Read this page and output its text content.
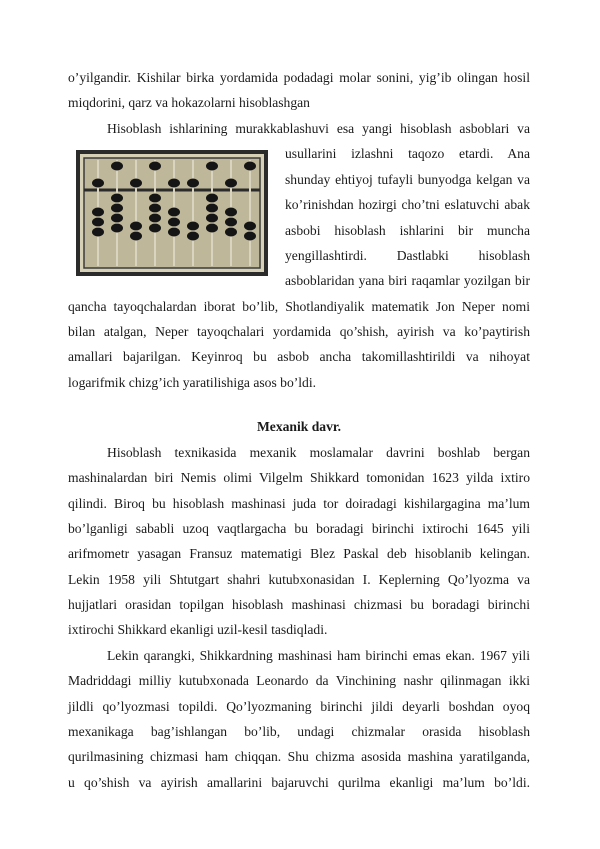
o’yilgandir. Kishilar birka yordamida podadagi molar sonini, yig’ib olingan hosil
miqdorini, qarz va hokazolarni hisoblashgan
Hisoblash ishlarining murakkablashuvi esa yangi hisoblash asboblari va
usullarini izlashni taqozo etardi. Ana
shunday ehtiyoj tufayli bunyodga kelgan va
ko’rinishdan hozirgi cho’tni eslatuvchi abak
asbobi hisoblash ishlarini bir muncha
yengillashtirdi. Dastlabki hisoblash
asboblaridan yana biri raqamlar yozilgan bir
qancha tayoqchalardan iborat bo’lib, Shotlandiyalik matematik Jon Neper nomi
bilan atalgan, Neper tayoqchalari yordamida qo’shish, ayirish va ko’paytirish
amallari bajarilgan. Keyinroq bu asbob ancha takomillashtirildi va nihoyat
logarifmik chizg’ich yaratilishiga asos bo’ldi.
Mexanik davr.
Hisoblash texnikasida mexanik moslamalar davrini boshlab bergan
mashinalardan biri Nemis olimi Vilgelm Shikkard tomonidan 1623 yilda ixtiro
qilindi. Biroq bu hisoblash mashinasi juda tor doiradagi kishilargagina ma’lum
bo’lganligi sababli uzoq vaqtlargacha bu boradagi birinchi ixtirochi 1645 yili
arifmometr yasagan Fransuz matematigi Blez Paskal deb hisoblanib kelingan.
Lekin 1958 yili Shtutgart shahri kutubxonasidan I. Keplerning Qo’lyozma va
hujjatlari orasidan topilgan hisoblash mashinasi chizmasi bu boradagi birinchi
ixtirochi Shikkard ekanligi uzil-kesil tasdiqladi.
Lekin qarangki, Shikkardning mashinasi ham birinchi emas ekan. 1967 yili
Madriddagi milliy kutubxonada Leonardo da Vinchining nashr qilinmagan ikki
jildli qo’lyozmasi topildi. Qo’lyozmaning birinchi jildi deyarli boshdan oyoq
mexanikaga bag’ishlangan bo’lib, undagi chizmalar orasida hisoblash
qurilmasining chizmasi ham chiqqan. Shu chizma asosida mashina yaratilganda,
u qo’shish va ayirish amallarini bajaruvchi qurilma ekanligi ma’lum bo’ldi.
